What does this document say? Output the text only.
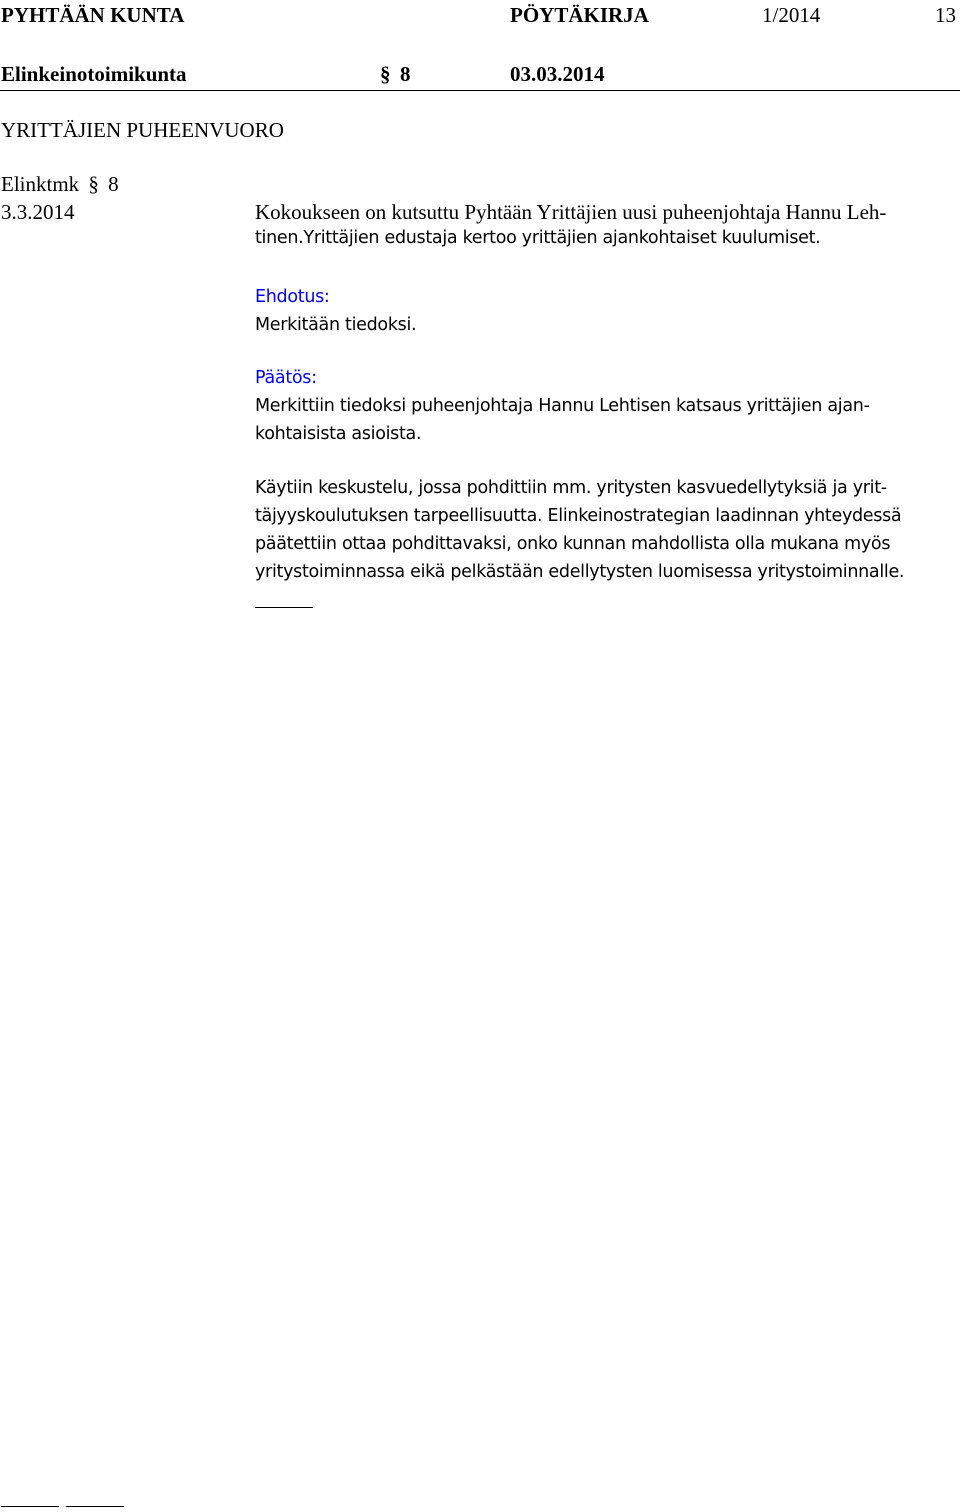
PYHTÄÄN KUNTA	PÖYTÄKIRJA	1/2014	13
Elinkeinotoimikunta	§ 8	03.03.2014
YRITTÄJIEN PUHEENVUORO
Elinktmk § 8
3.3.2014	Kokoukseen on kutsuttu Pyhtään Yrittäjien uusi puheenjohtaja Hannu Leh-
tinen.Yrittäjien edustaja kertoo yrittäjien ajankohtaiset kuulumiset.
Ehdotus:
Merkitään tiedoksi.
Päätös:
Merkittiin tiedoksi puheenjohtaja Hannu Lehtisen katsaus yrittäjien ajan-
kohtaisista asioista.
Käytiin keskustelu, jossa pohdittiin mm. yritysten kasvuedellytyksiä ja yrit-
täjyyskoulutuksen tarpeellisuutta. Elinkeinostrategian laadinnan yhteydessä
päätettiin ottaa pohdittavaksi, onko kunnan mahdollista olla mukana myös
yritystoiminnassa eikä pelkästään edellytysten luomisessa yritystoiminnalle.
